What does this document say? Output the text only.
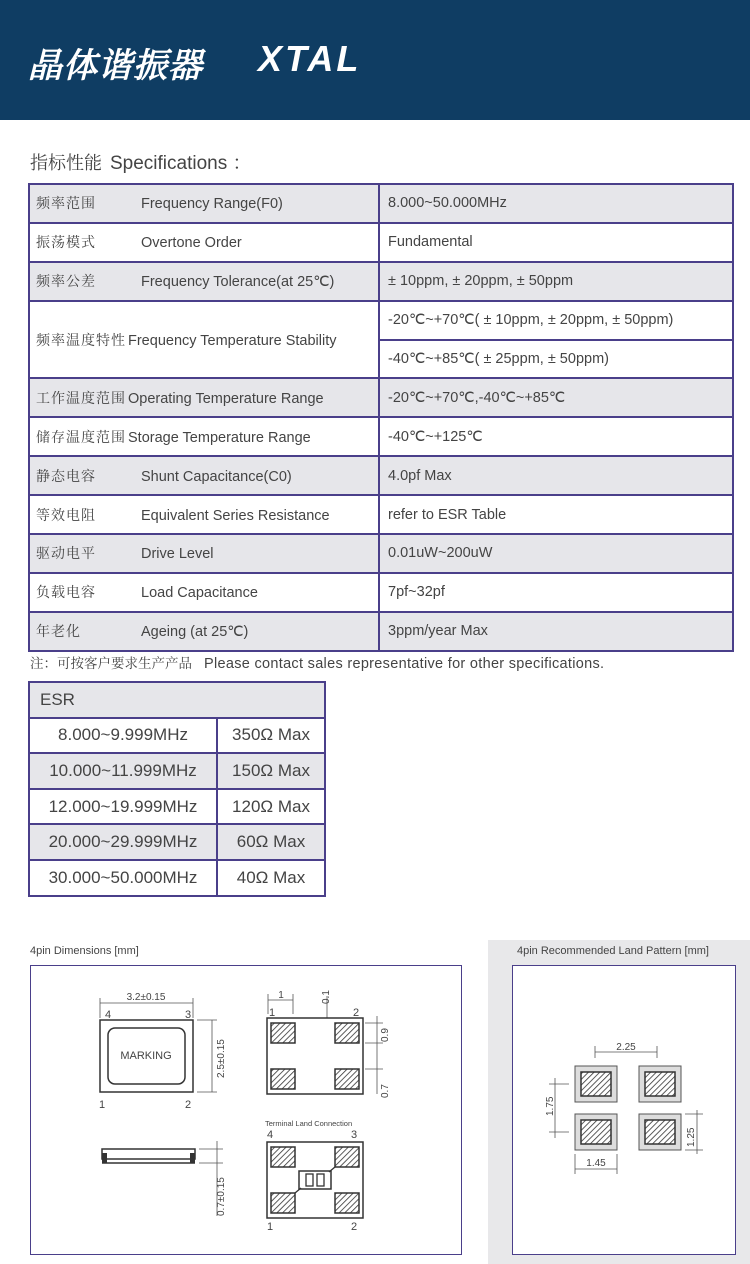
晶体谐振器 XTAL
指标性能 Specifications ：
频率范围 Frequency Range(F0)	8.000~50.000MHz
振荡模式 Overtone Order	Fundamental
频率公差 Frequency Tolerance(at 25℃)	± 10ppm, ± 20ppm, ± 50ppm
频率温度特性 Frequency Temperature Stability	-20℃~+70℃( ± 10ppm, ± 20ppm, ± 50ppm)
	-40℃~+85℃( ± 25ppm, ± 50ppm)
工作温度范围 Operating Temperature Range	-20℃~+70℃,-40℃~+85℃
储存温度范围 Storage Temperature Range	-40℃~+125℃
静态电容 Shunt Capacitance(C0)	4.0pf Max
等效电阻 Equivalent Series Resistance	refer to ESR Table
驱动电平 Drive Level	0.01uW~200uW
负载电容 Load Capacitance	7pf~32pf
年老化 Ageing (at 25℃)	3ppm/year Max
注：可按客户要求生产产品 Please contact sales representative for other specifications.
ESR	
8.000~9.999MHz	350Ω Max
10.000~11.999MHz	150Ω Max
12.000~19.999MHz	120Ω Max
20.000~29.999MHz	60Ω Max
30.000~50.000MHz	40Ω Max
4pin Dimensions [mm]
3.2±0.15
MARKING
4	3
1	2
2.5±0.15
0.7±0.15
1	0.1
1	2
0.9
0.7
Terminal Land Connection
4	3
1	2
4pin Recommended Land Pattern [mm]
2.25
1.75
1.25
1.45
